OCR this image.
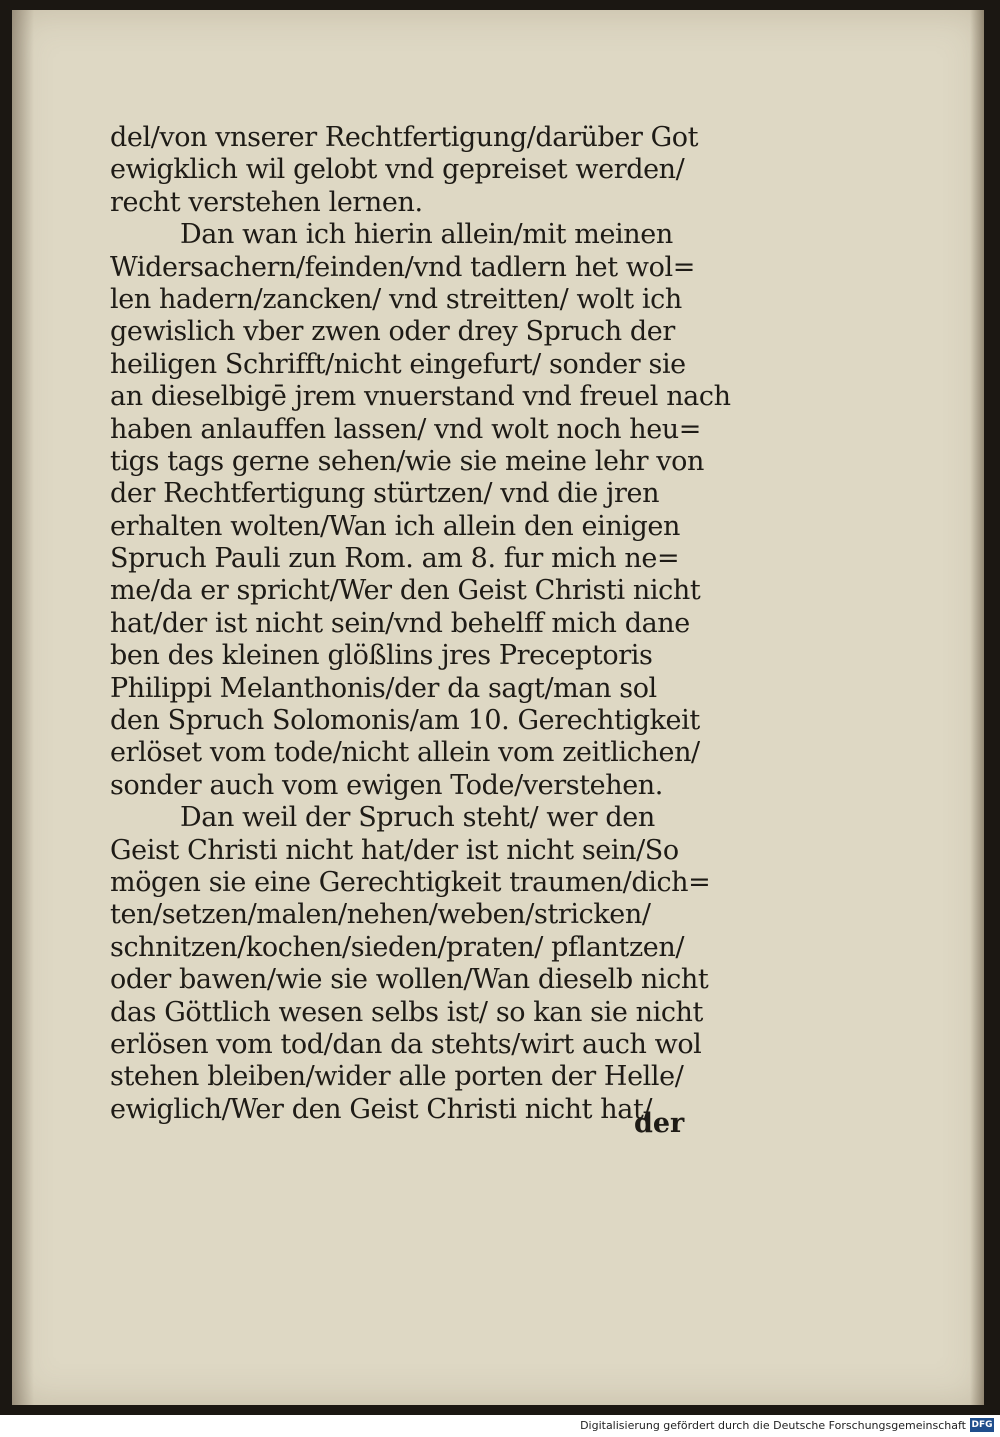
del/von vnserer Rechtfertigung/darüber Got
ewigklich wil gelobt vnd gepreiset werden/
recht verstehen lernen.
Dan wan ich hierin allein/mit meinen
Widersachern/feinden/vnd tadlern het wol=
len hadern/zancken/ vnd streitten/ wolt ich
gewislich vber zwen oder drey Spruch der
heiligen Schrifft/nicht eingefurt/ sonder sie
an dieselbigē jrem vnuerstand vnd freuel nach
haben anlauffen lassen/ vnd wolt noch heu=
tigs tags gerne sehen/wie sie meine lehr von
der Rechtfertigung stürtzen/ vnd die jren
erhalten wolten/Wan ich allein den einigen
Spruch Pauli zun Rom. am 8. fur mich ne=
me/da er spricht/Wer den Geist Christi nicht
hat/der ist nicht sein/vnd behelff mich dane
ben des kleinen glößlins jres Preceptoris
Philippi Melanthonis/der da sagt/man sol
den Spruch Solomonis/am 10. Gerechtigkeit
erlöset vom tode/nicht allein vom zeitlichen/
sonder auch vom ewigen Tode/verstehen.
Dan weil der Spruch steht/ wer den
Geist Christi nicht hat/der ist nicht sein/So
mögen sie eine Gerechtigkeit traumen/dich=
ten/setzen/malen/nehen/weben/stricken/
schnitzen/kochen/sieden/praten/ pflantzen/
oder bawen/wie sie wollen/Wan dieselb nicht
das Göttlich wesen selbs ist/ so kan sie nicht
erlösen vom tod/dan da stehts/wirt auch wol
stehen bleiben/wider alle porten der Helle/
ewiglich/Wer den Geist Christi nicht hat/
der
Digitalisierung gefördert durch die Deutsche Forschungsgemeinschaft DFG
